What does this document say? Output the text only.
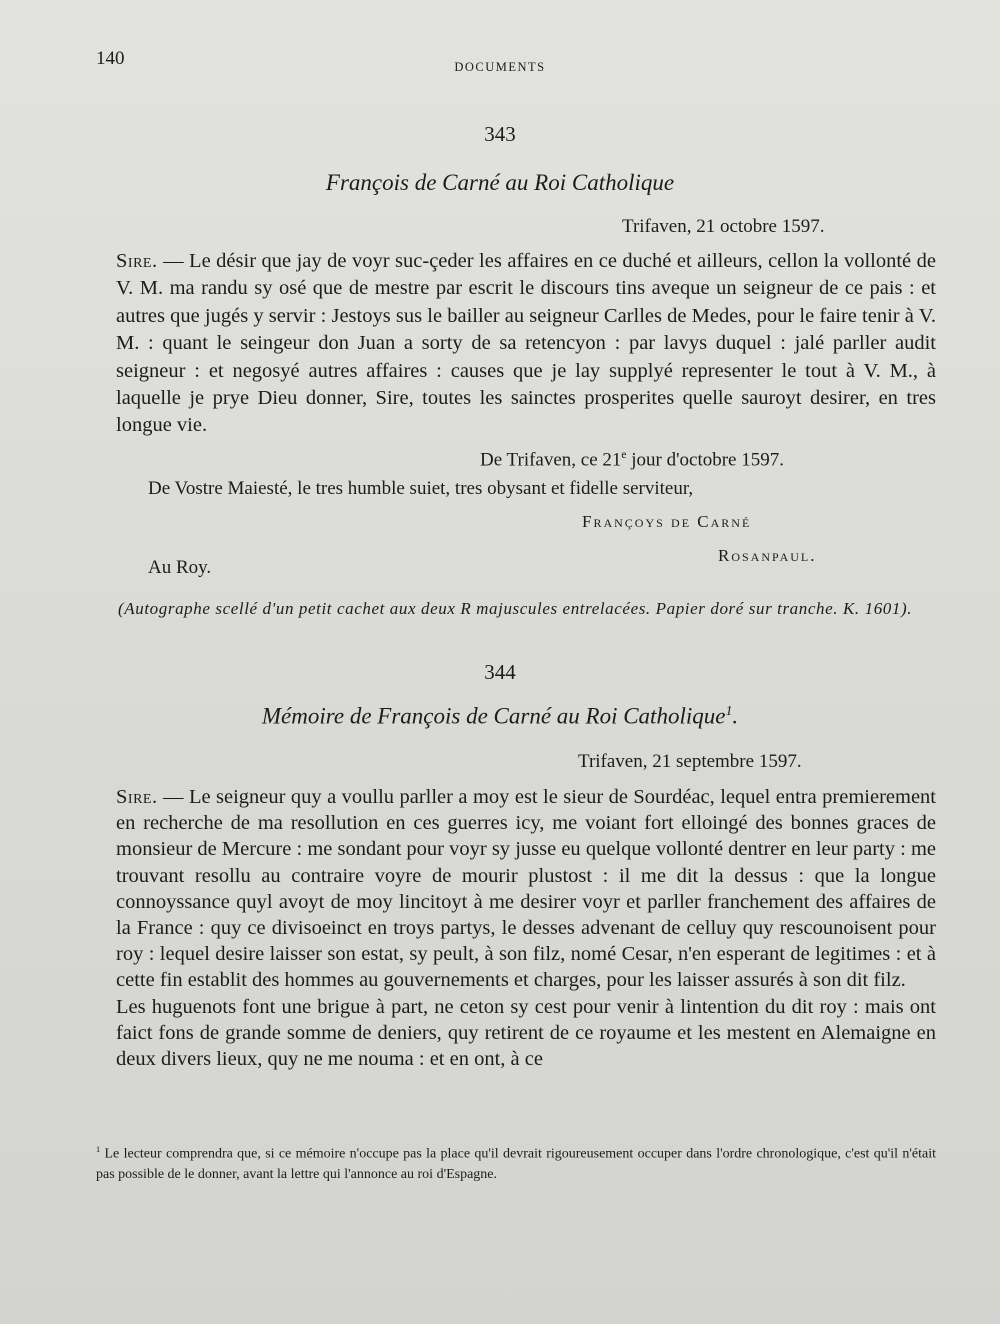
140	DOCUMENTS
343
François de Carné au Roi Catholique
Trifaven, 21 octobre 1597.

Sire. — Le désir que jay de voyr suc-çeder les affaires en ce duché et ailleurs, cellon la vollonté de V. M. ma randu sy osé que de mestre par escrit le discours tins aveque un seigneur de ce pais : et autres que jugés y servir : Jestoys sus le bailler au seigneur Carlles de Medes, pour le faire tenir à V. M. : quant le seingeur don Juan a sorty de sa retencyon : par lavys duquel : jalé parller audit seigneur : et negosyé autres affaires : causes que je lay supplyé representer le tout à V. M., à laquelle je prye Dieu donner, Sire, toutes les sainctes prosperites quelle sauroyt desirer, en tres longue vie.

De Trifaven, ce 21e jour d'octobre 1597.
De Vostre Maiesté, le tres humble suiet, tres obysant et fidelle serviteur,
Françoys de Carné
Rosanpaul.
Au Roy.
(Autographe scellé d'un petit cachet aux deux R majuscules entrelacées. Papier doré sur tranche. K. 1601).
344
Mémoire de François de Carné au Roi Catholique$^1$.
Trifaven, 21 septembre 1597.

Sire. — Le seigneur quy a voullu parller a moy est le sieur de Sourdéac, lequel entra premierement en recherche de ma resollution en ces guerres icy, me voiant fort elloingé des bonnes graces de monsieur de Mercure : me sondant pour voyr sy jusse eu quelque vollonté dentrer en leur party : me trouvant resollu au contraire voyre de mourir plustost : il me dit la dessus : que la longue connoyssance quyl avoyt de moy lincitoyt à me desirer voyr et parller franchement des affaires de la France : quy ce divisoeinct en troys partys, le desses advenant de celluy quy rescounoisent pour roy : lequel desire laisser son estat, sy peult, à son filz, nomé Cesar, n'en esperant de legitimes : et à cette fin establit des hommes au gouvernements et charges, pour les laisser assurés à son dit filz.

Les huguenots font une brigue à part, ne ceton sy cest pour venir à lintention du dit roy : mais ont faict fons de grande somme de deniers, quy retirent de ce royaume et les mestent en Alemaigne en deux divers lieux, quy ne me nouma : et en ont, à ce

$^1$ Le lecteur comprendra que, si ce mémoire n'occupe pas la place qu'il devrait rigoureusement occuper dans l'ordre chronologique, c'est qu'il n'était pas possible de le donner, avant la lettre qui l'annonce au roi d'Espagne.
